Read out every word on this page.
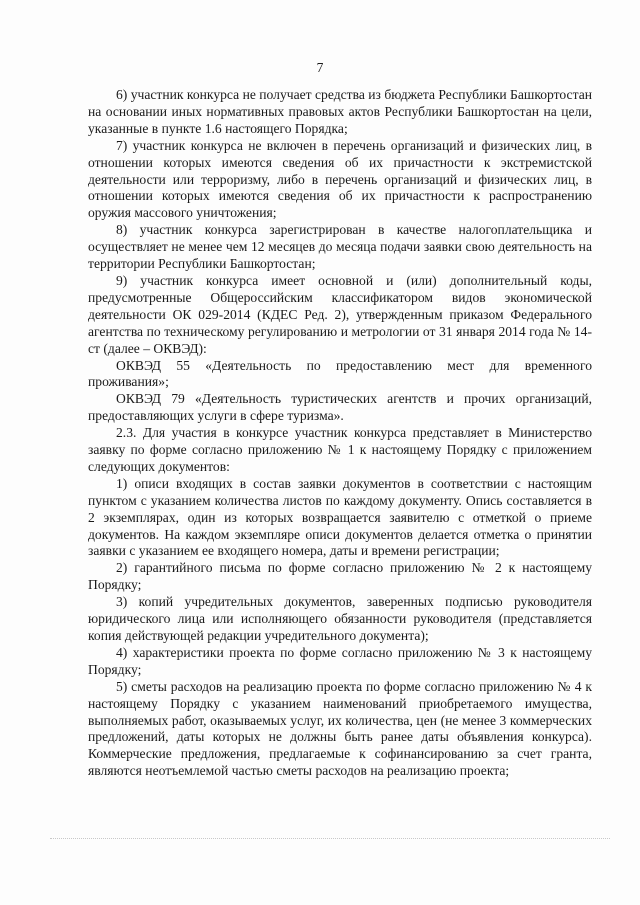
7

6) участник конкурса не получает средства из бюджета Республики Башкортостан на основании иных нормативных правовых актов Республики Башкортостан на цели, указанные в пункте 1.6 настоящего Порядка;

7) участник конкурса не включен в перечень организаций и физических лиц, в отношении которых имеются сведения об их причастности к экстремистской деятельности или терроризму, либо в перечень организаций и физических лиц, в отношении которых имеются сведения об их причастности к распространению оружия массового уничтожения;

8) участник конкурса зарегистрирован в качестве налогоплательщика и осуществляет не менее чем 12 месяцев до месяца подачи заявки свою деятельность на территории Республики Башкортостан;

9) участник конкурса имеет основной и (или) дополнительный коды, предусмотренные Общероссийским классификатором видов экономической деятельности ОК 029-2014 (КДЕС Ред. 2), утвержденным приказом Федерального агентства по техническому регулированию и метрологии от 31 января 2014 года № 14-ст (далее – ОКВЭД):

ОКВЭД 55 «Деятельность по предоставлению мест для временного проживания»;

ОКВЭД 79 «Деятельность туристических агентств и прочих организаций, предоставляющих услуги в сфере туризма».

2.3. Для участия в конкурсе участник конкурса представляет в Министерство заявку по форме согласно приложению № 1 к настоящему Порядку с приложением следующих документов:

1) описи входящих в состав заявки документов в соответствии с настоящим пунктом с указанием количества листов по каждому документу. Опись составляется в 2 экземплярах, один из которых возвращается заявителю с отметкой о приеме документов. На каждом экземпляре описи документов делается отметка о принятии заявки с указанием ее входящего номера, даты и времени регистрации;

2) гарантийного письма по форме согласно приложению № 2 к настоящему Порядку;

3) копий учредительных документов, заверенных подписью руководителя юридического лица или исполняющего обязанности руководителя (представляется копия действующей редакции учредительного документа);

4) характеристики проекта по форме согласно приложению № 3 к настоящему Порядку;

5) сметы расходов на реализацию проекта по форме согласно приложению № 4 к настоящему Порядку с указанием наименований приобретаемого имущества, выполняемых работ, оказываемых услуг, их количества, цен (не менее 3 коммерческих предложений, даты которых не должны быть ранее даты объявления конкурса). Коммерческие предложения, предлагаемые к софинансированию за счет гранта, являются неотъемлемой частью сметы расходов на реализацию проекта;
